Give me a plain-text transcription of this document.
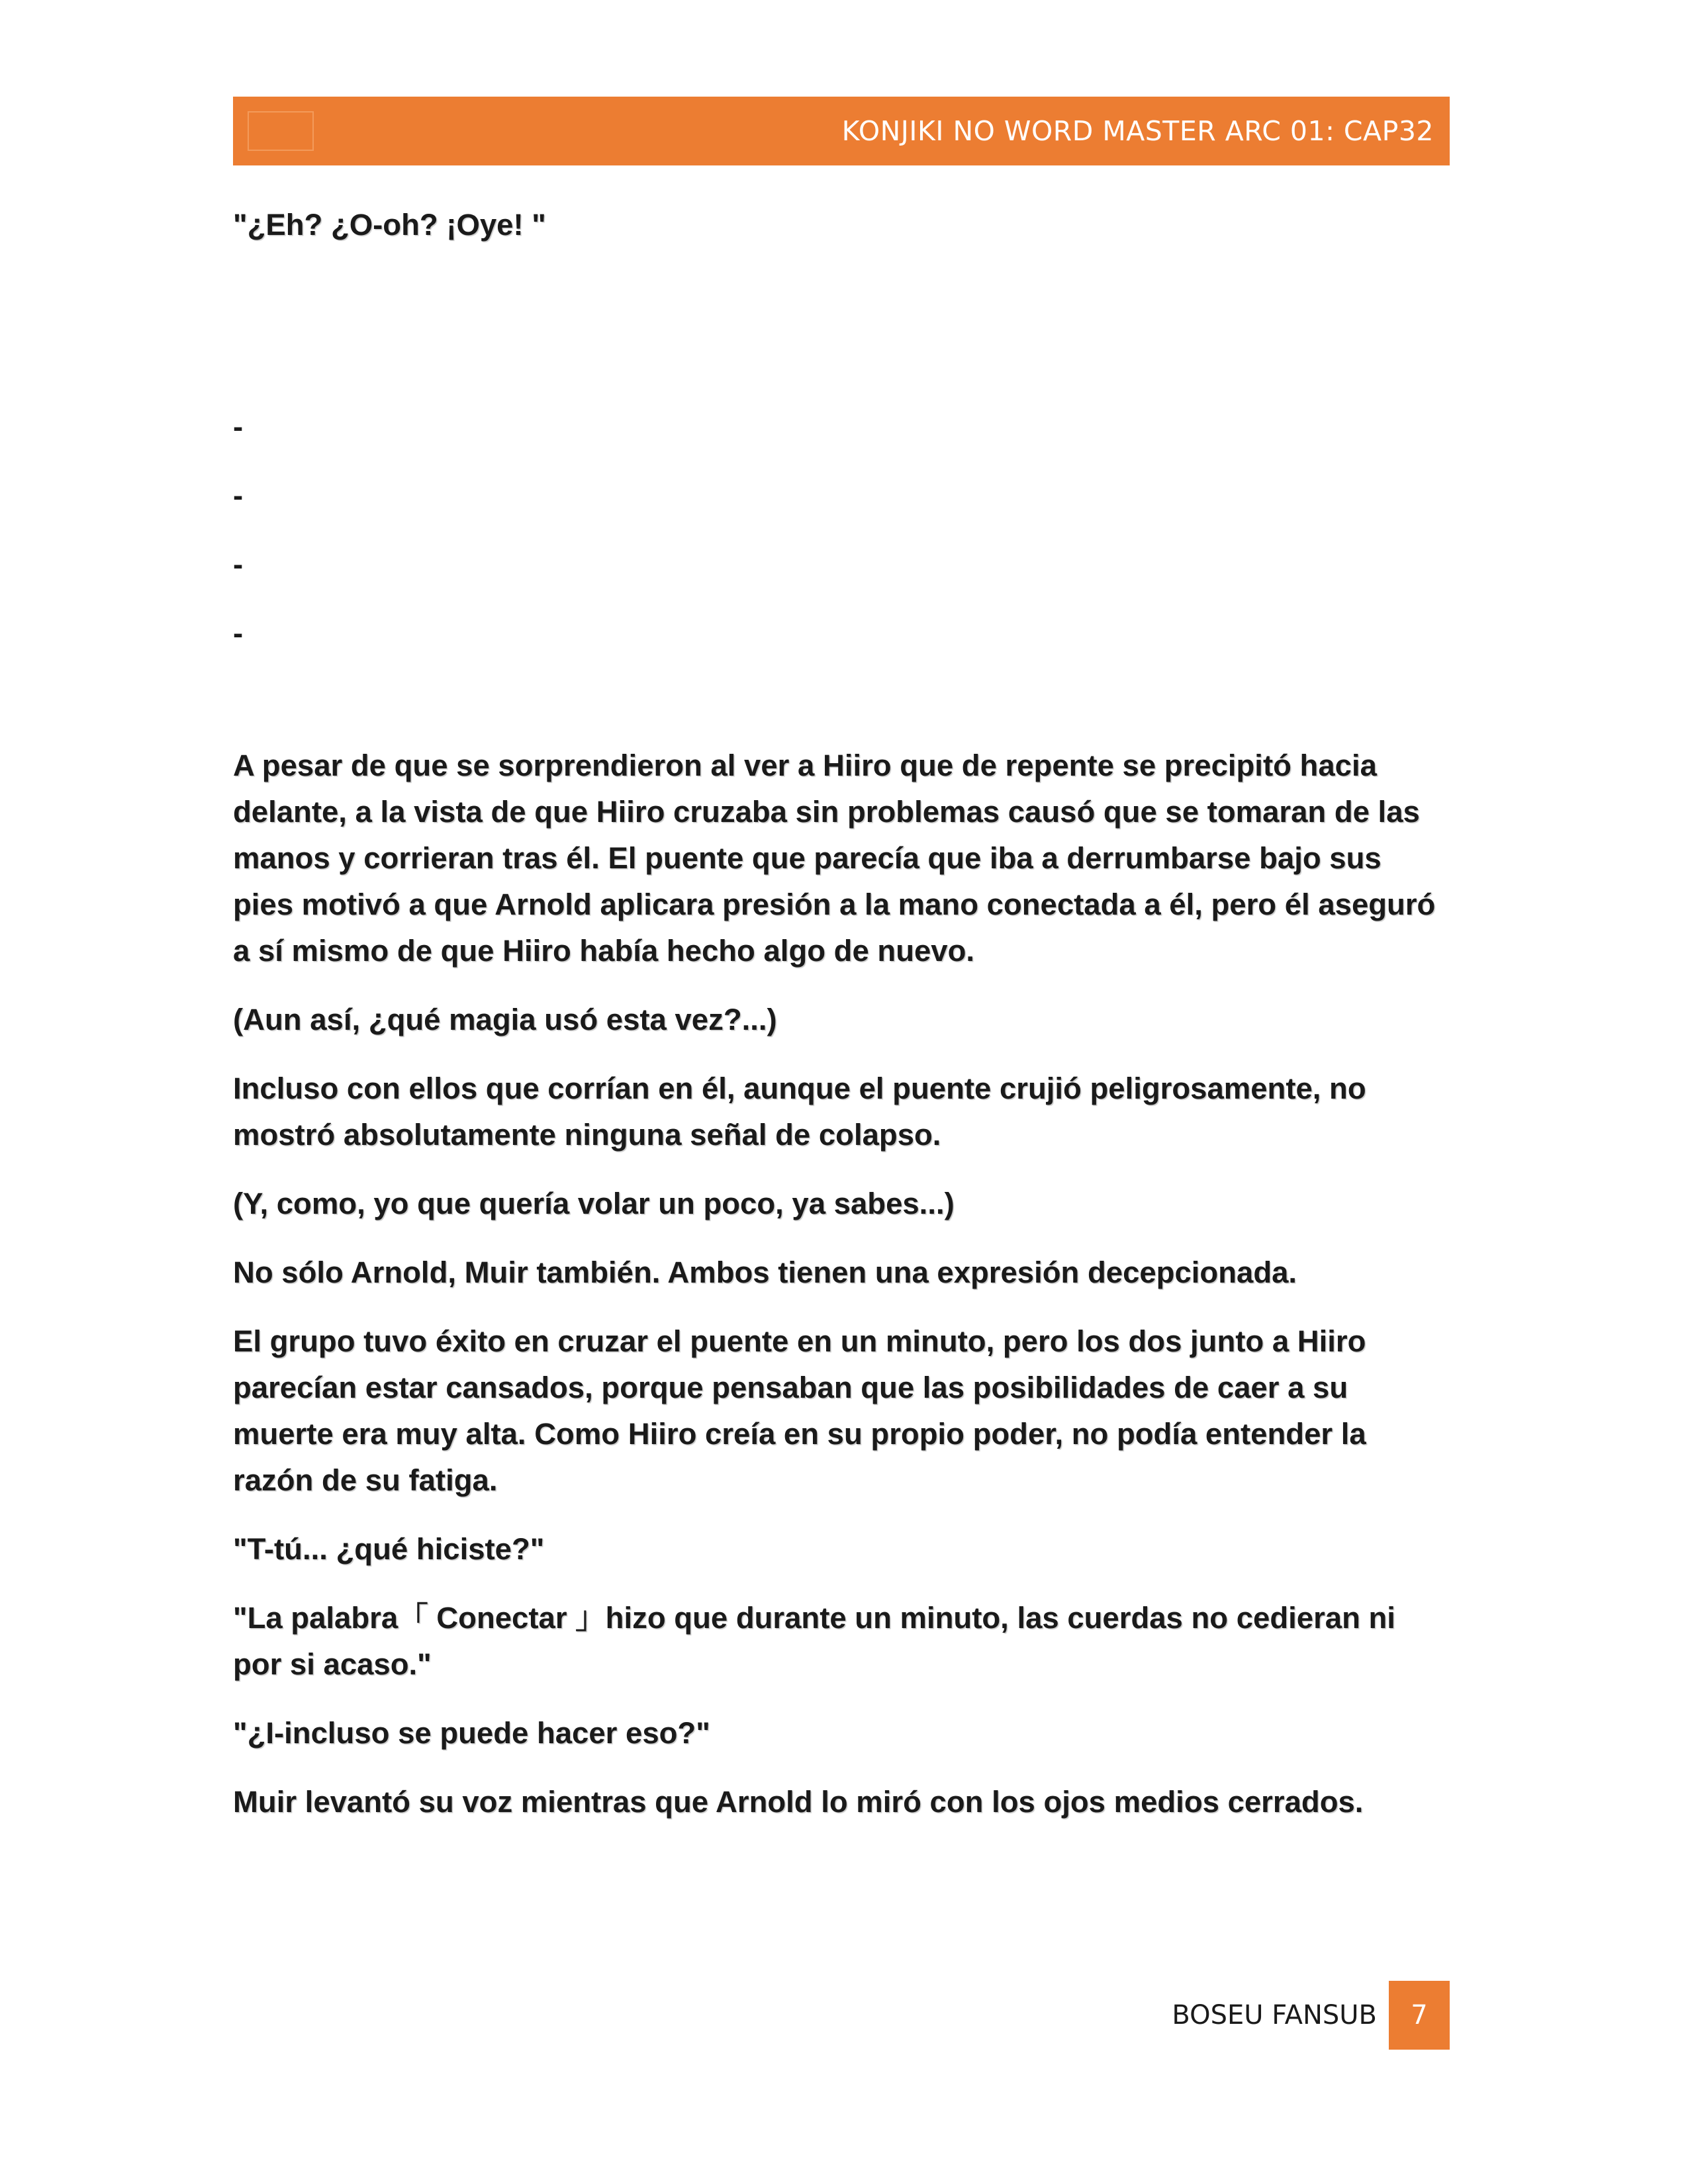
KONJIKI NO WORD MASTER ARC 01: CAP32

"¿Eh? ¿O-oh? ¡Oye! "

-
-
-
-

A pesar de que se sorprendieron al ver a Hiiro que de repente se precipitó hacia delante, a la vista de que Hiiro cruzaba sin problemas causó que se tomaran de las manos y corrieran tras él. El puente que parecía que iba a derrumbarse bajo sus pies motivó a que Arnold aplicara presión a la mano conectada a él, pero él aseguró a sí mismo de que Hiiro había hecho algo de nuevo.

(Aun así, ¿qué magia usó esta vez?...)

Incluso con ellos que corrían en él, aunque el puente crujió peligrosamente, no mostró absolutamente ninguna señal de colapso.

(Y, como, yo que quería volar un poco, ya sabes...)

No sólo Arnold, Muir también. Ambos tienen una expresión decepcionada.

El grupo tuvo éxito en cruzar el puente en un minuto, pero los dos junto a Hiiro parecían estar cansados, porque pensaban que las posibilidades de caer a su muerte era muy alta. Como Hiiro creía en su propio poder, no podía entender la razón de su fatiga.

"T-tú... ¿qué hiciste?"

"La palabra「 Conectar 」hizo que durante un minuto, las cuerdas no cedieran ni por si acaso."

"¿I-incluso se puede hacer eso?"

Muir levantó su voz mientras que Arnold lo miró con los ojos medios cerrados.

BOSEU FANSUB	7
